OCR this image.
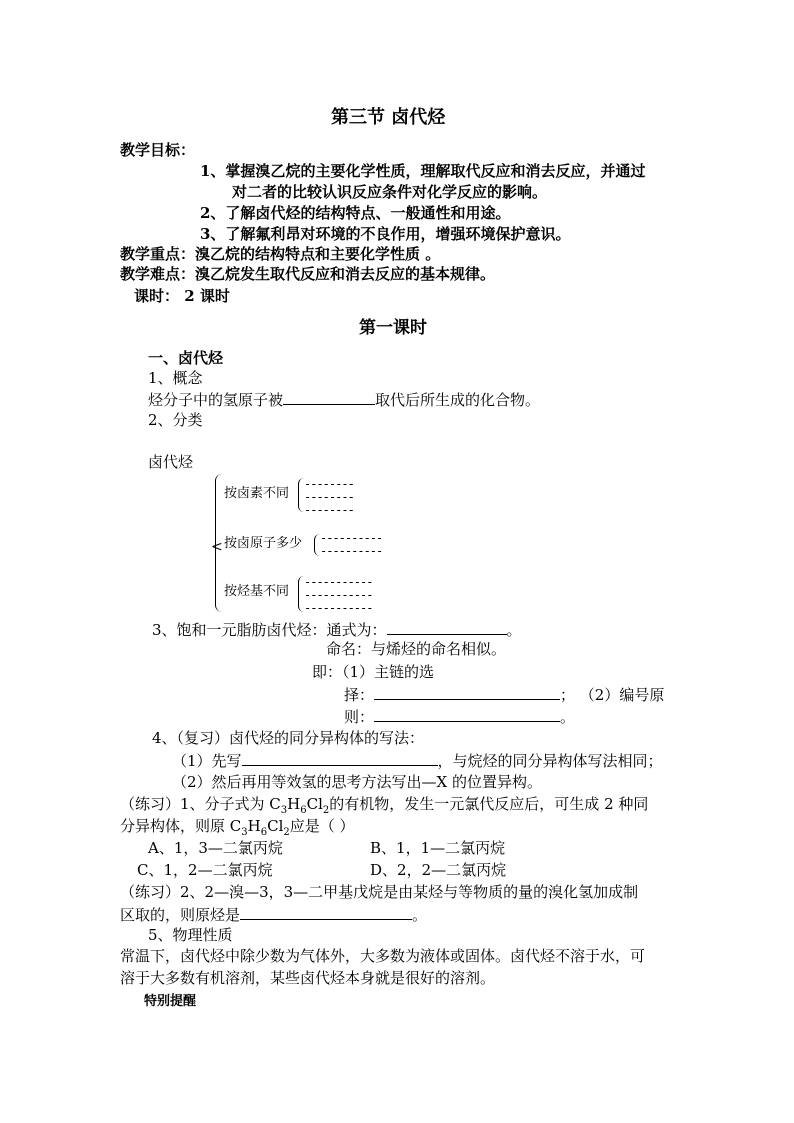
第三节 卤代烃
教学目标：
1、掌握溴乙烷的主要化学性质，理解取代反应和消去反应，并通过
对二者的比较认识反应条件对化学反应的影响。
2、了解卤代烃的结构特点、一般通性和用途。
3、了解氟利昂对环境的不良作用，增强环境保护意识。
教学重点：溴乙烷的结构特点和主要化学性质 。
教学难点：溴乙烷发生取代反应和消去反应的基本规律。
课时： 2 课时
第一课时
一、卤代烃
1、概念
烃分子中的氢原子被	取代后所生成的化合物。
2、分类
卤代烃
<
按卤素不同
--------
--------
--------
按卤原子多少 ----------
----------
按烃基不同
-----------
-----------
-----------
3、饱和一元脂肪卤代烃：通式为：	。
命名：与烯烃的命名相似。
即：（1）主链的选
择：	； （2）编号原
则：	。
4、（复习）卤代烃的同分异构体的写法：
（1）先写	，与烷烃的同分异构体写法相同；
（2）然后再用等效氢的思考方法写出—X 的位置异构。
（练习）1、分子式为 $C_3H_6Cl_2$的有机物，发生一元氯代反应后，可生成 2 种同
分异构体，则原 $C_3H_6Cl_2$应是（ ）
A、1，3—二氯丙烷	B、1，1—二氯丙烷
C、1，2—二氯丙烷	D、2，2—二氯丙烷
（练习）2、2—溴—3，3—二甲基戊烷是由某烃与等物质的量的溴化氢加成制
区取的，则原烃是	。
5、物理性质
常温下，卤代烃中除少数为气体外，大多数为液体或固体。卤代烃不溶于水，可
溶于大多数有机溶剂，某些卤代烃本身就是很好的溶剂。
特别提醒
